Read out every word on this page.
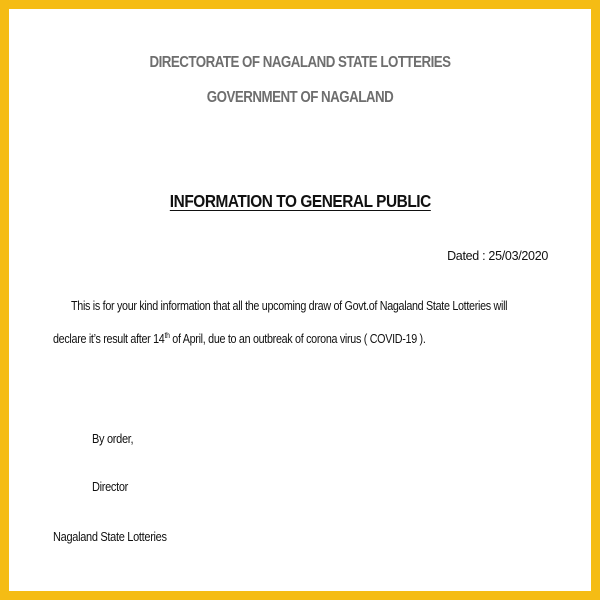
DIRECTORATE OF NAGALAND STATE LOTTERIES
GOVERNMENT OF NAGALAND
INFORMATION TO GENERAL PUBLIC
Dated : 25/03/2020
This is for your kind information that all the upcoming draw of Govt.of Nagaland State Lotteries will
declare it’s result after 14th of April, due to an outbreak of corona virus ( COVID-19 ).
By order,
Director
Nagaland State Lotteries
